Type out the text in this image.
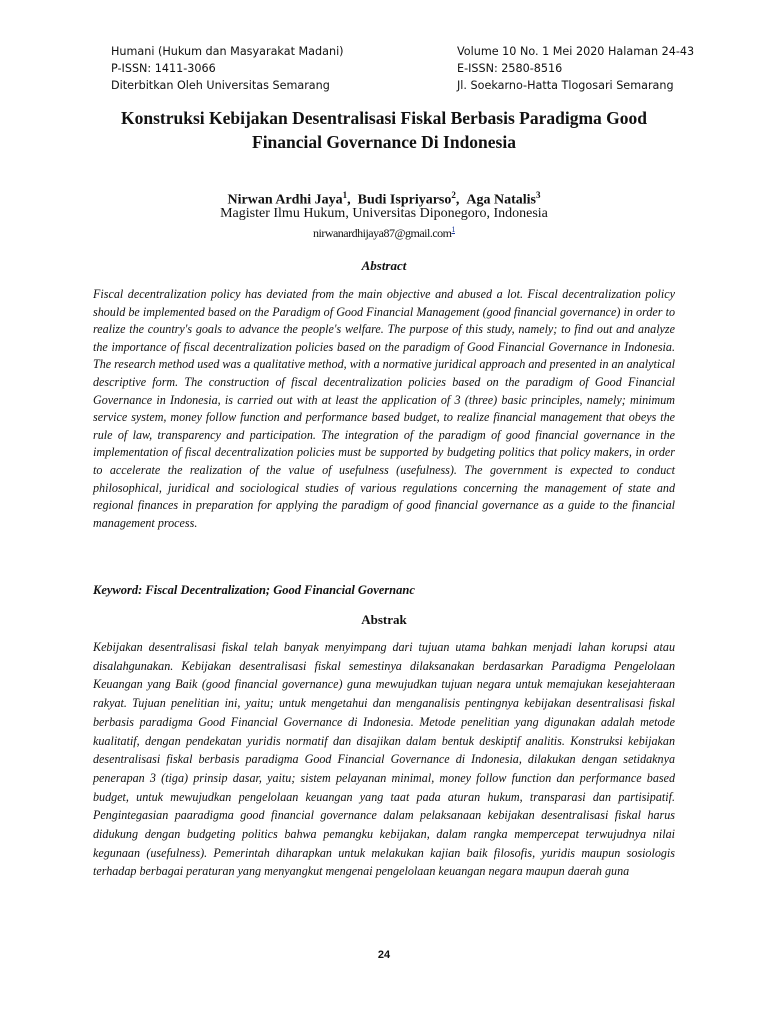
Humani (Hukum dan Masyarakat Madani)	Volume 10 No. 1 Mei 2020 Halaman 24-43
P-ISSN: 1411-3066	E-ISSN: 2580-8516
Diterbitkan Oleh Universitas Semarang	Jl. Soekarno-Hatta Tlogosari Semarang
Konstruksi Kebijakan Desentralisasi Fiskal Berbasis Paradigma Good Financial Governance Di Indonesia
Nirwan Ardhi Jaya$^1$,  Budi Ispriyarso$^2$,  Aga Natalis$^3$
Magister Ilmu Hukum, Universitas Diponegoro, Indonesia
nirwanardhijaya87@gmail.com$^1$
Abstract

Fiscal decentralization policy has deviated from the main objective and abused a lot. Fiscal decentralization policy should be implemented based on the Paradigm of Good Financial Management (good financial governance) in order to realize the country's goals to advance the people's welfare. The purpose of this study, namely; to find out and analyze the importance of fiscal decentralization policies based on the paradigm of Good Financial Governance in Indonesia. The research method used was a qualitative method, with a normative juridical approach and presented in an analytical descriptive form. The construction of fiscal decentralization policies based on the paradigm of Good Financial Governance in Indonesia, is carried out with at least the application of 3 (three) basic principles, namely; minimum service system, money follow function and performance based budget, to realize financial management that obeys the rule of law, transparency and participation. The integration of the paradigm of good financial governance in the implementation of fiscal decentralization policies must be supported by budgeting politics that policy makers, in order to accelerate the realization of the value of usefulness (usefulness). The government is expected to conduct philosophical, juridical and sociological studies of various regulations concerning the management of state and regional finances in preparation for applying the paradigm of good financial governance as a guide to the financial management process.

Keyword: Fiscal Decentralization; Good Financial Governanc

Abstrak

Kebijakan desentralisasi fiskal telah banyak menyimpang dari tujuan utama bahkan menjadi lahan korupsi atau disalahgunakan. Kebijakan desentralisasi fiskal semestinya dilaksanakan berdasarkan Paradigma Pengelolaan Keuangan yang Baik (good financial governance) guna mewujudkan tujuan negara untuk memajukan kesejahteraan rakyat. Tujuan penelitian ini, yaitu; untuk mengetahui dan menganalisis pentingnya kebijakan desentralisasi fiskal berbasis paradigma Good Financial Governance di Indonesia. Metode penelitian yang digunakan adalah metode kualitatif, dengan pendekatan yuridis normatif dan disajikan dalam bentuk deskiptif analitis. Konstruksi kebijakan desentralisasi fiskal berbasis paradigma Good Financial Governance di Indonesia, dilakukan dengan setidaknya penerapan 3 (tiga) prinsip dasar, yaitu; sistem pelayanan minimal, money follow function dan performance based budget, untuk mewujudkan pengelolaan keuangan yang taat pada aturan hukum, transparasi dan partisipatif. Pengintegasian paaradigma good financial governance dalam pelaksanaan kebijakan desentralisasi fiskal harus didukung dengan budgeting politics bahwa pemangku kebijakan, dalam rangka mempercepat terwujudnya nilai kegunaan (usefulness). Pemerintah diharapkan untuk melakukan kajian baik filosofis, yuridis maupun sosiologis terhadap berbagai peraturan yang menyangkut mengenai pengelolaan keuangan negara maupun daerah guna

24
